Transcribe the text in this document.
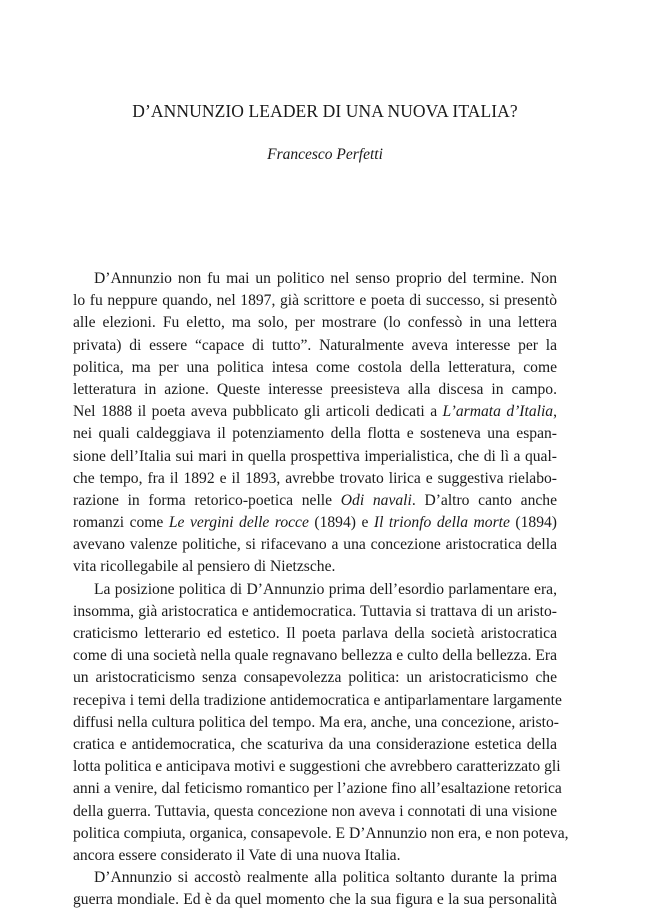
D’ANNUNZIO LEADER DI UNA NUOVA ITALIA?

Francesco Perfetti

D’Annunzio non fu mai un politico nel senso proprio del termine. Non
lo fu neppure quando, nel 1897, già scrittore e poeta di successo, si presentò
alle elezioni. Fu eletto, ma solo, per mostrare (lo confessò in una lettera
privata) di essere “capace di tutto”. Naturalmente aveva interesse per la
politica, ma per una politica intesa come costola della letteratura, come
letteratura in azione. Queste interesse preesisteva alla discesa in campo.
Nel 1888 il poeta aveva pubblicato gli articoli dedicati a L’armata d’Italia,
nei quali caldeggiava il potenziamento della flotta e sosteneva una espan-
sione dell’Italia sui mari in quella prospettiva imperialistica, che di lì a qual-
che tempo, fra il 1892 e il 1893, avrebbe trovato lirica e suggestiva rielabo-
razione in forma retorico-poetica nelle Odi navali. D’altro canto anche
romanzi come Le vergini delle rocce (1894) e Il trionfo della morte (1894)
avevano valenze politiche, si rifacevano a una concezione aristocratica della
vita ricollegabile al pensiero di Nietzsche.
La posizione politica di D’Annunzio prima dell’esordio parlamentare era,
insomma, già aristocratica e antidemocratica. Tuttavia si trattava di un aristo-
craticismo letterario ed estetico. Il poeta parlava della società aristocratica
come di una società nella quale regnavano bellezza e culto della bellezza. Era
un aristocraticismo senza consapevolezza politica: un aristocraticismo che
recepiva i temi della tradizione antidemocratica e antiparlamentare largamente
diffusi nella cultura politica del tempo. Ma era, anche, una concezione, aristo-
cratica e antidemocratica, che scaturiva da una considerazione estetica della
lotta politica e anticipava motivi e suggestioni che avrebbero caratterizzato gli
anni a venire, dal feticismo romantico per l’azione fino all’esaltazione retorica
della guerra. Tuttavia, questa concezione non aveva i connotati di una visione
politica compiuta, organica, consapevole. E D’Annunzio non era, e non poteva,
ancora essere considerato il Vate di una nuova Italia.
D’Annunzio si accostò realmente alla politica soltanto durante la prima
guerra mondiale. Ed è da quel momento che la sua figura e la sua personalità
